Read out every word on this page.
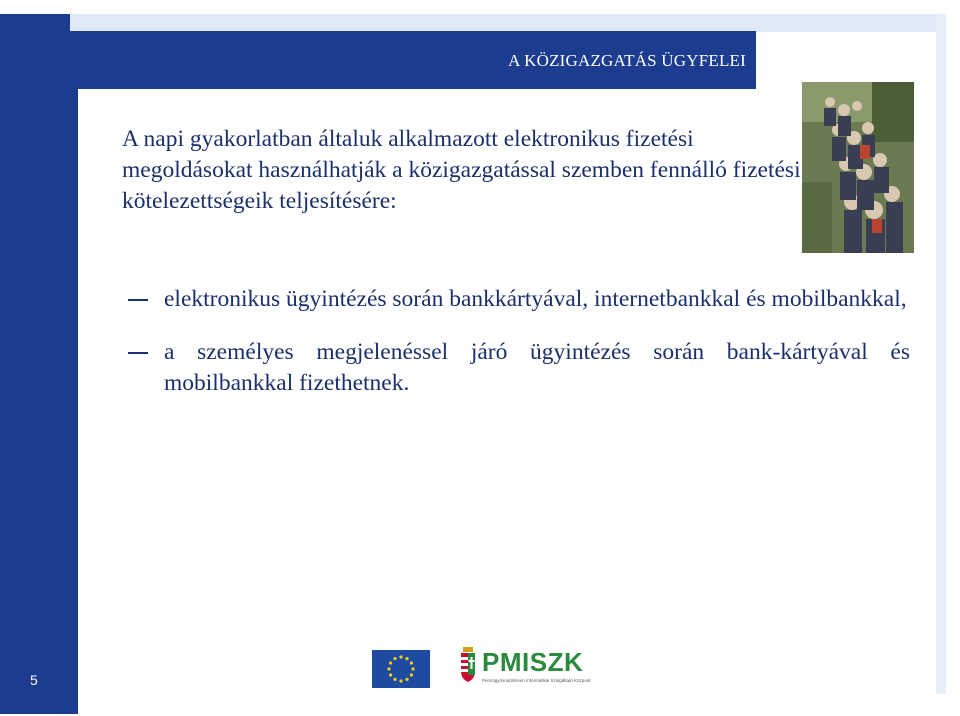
A KÖZIGAZGATÁS ÜGYFELEI
A napi gyakorlatban általuk alkalmazott elektronikus fizetési megoldásokat használhatják a közigazgatással szemben fennálló fizetési kötelezettségeik teljesítésére:
elektronikus ügyintézés során bankkártyával, internetbankkal és mobilbankkal,
a személyes megjelenéssel járó ügyintézés során bank-kártyával és mobilbankkal fizethetnek.
5
PMISZK
Pénzügyminisztérium Informatikai Szolgáltató Központ
